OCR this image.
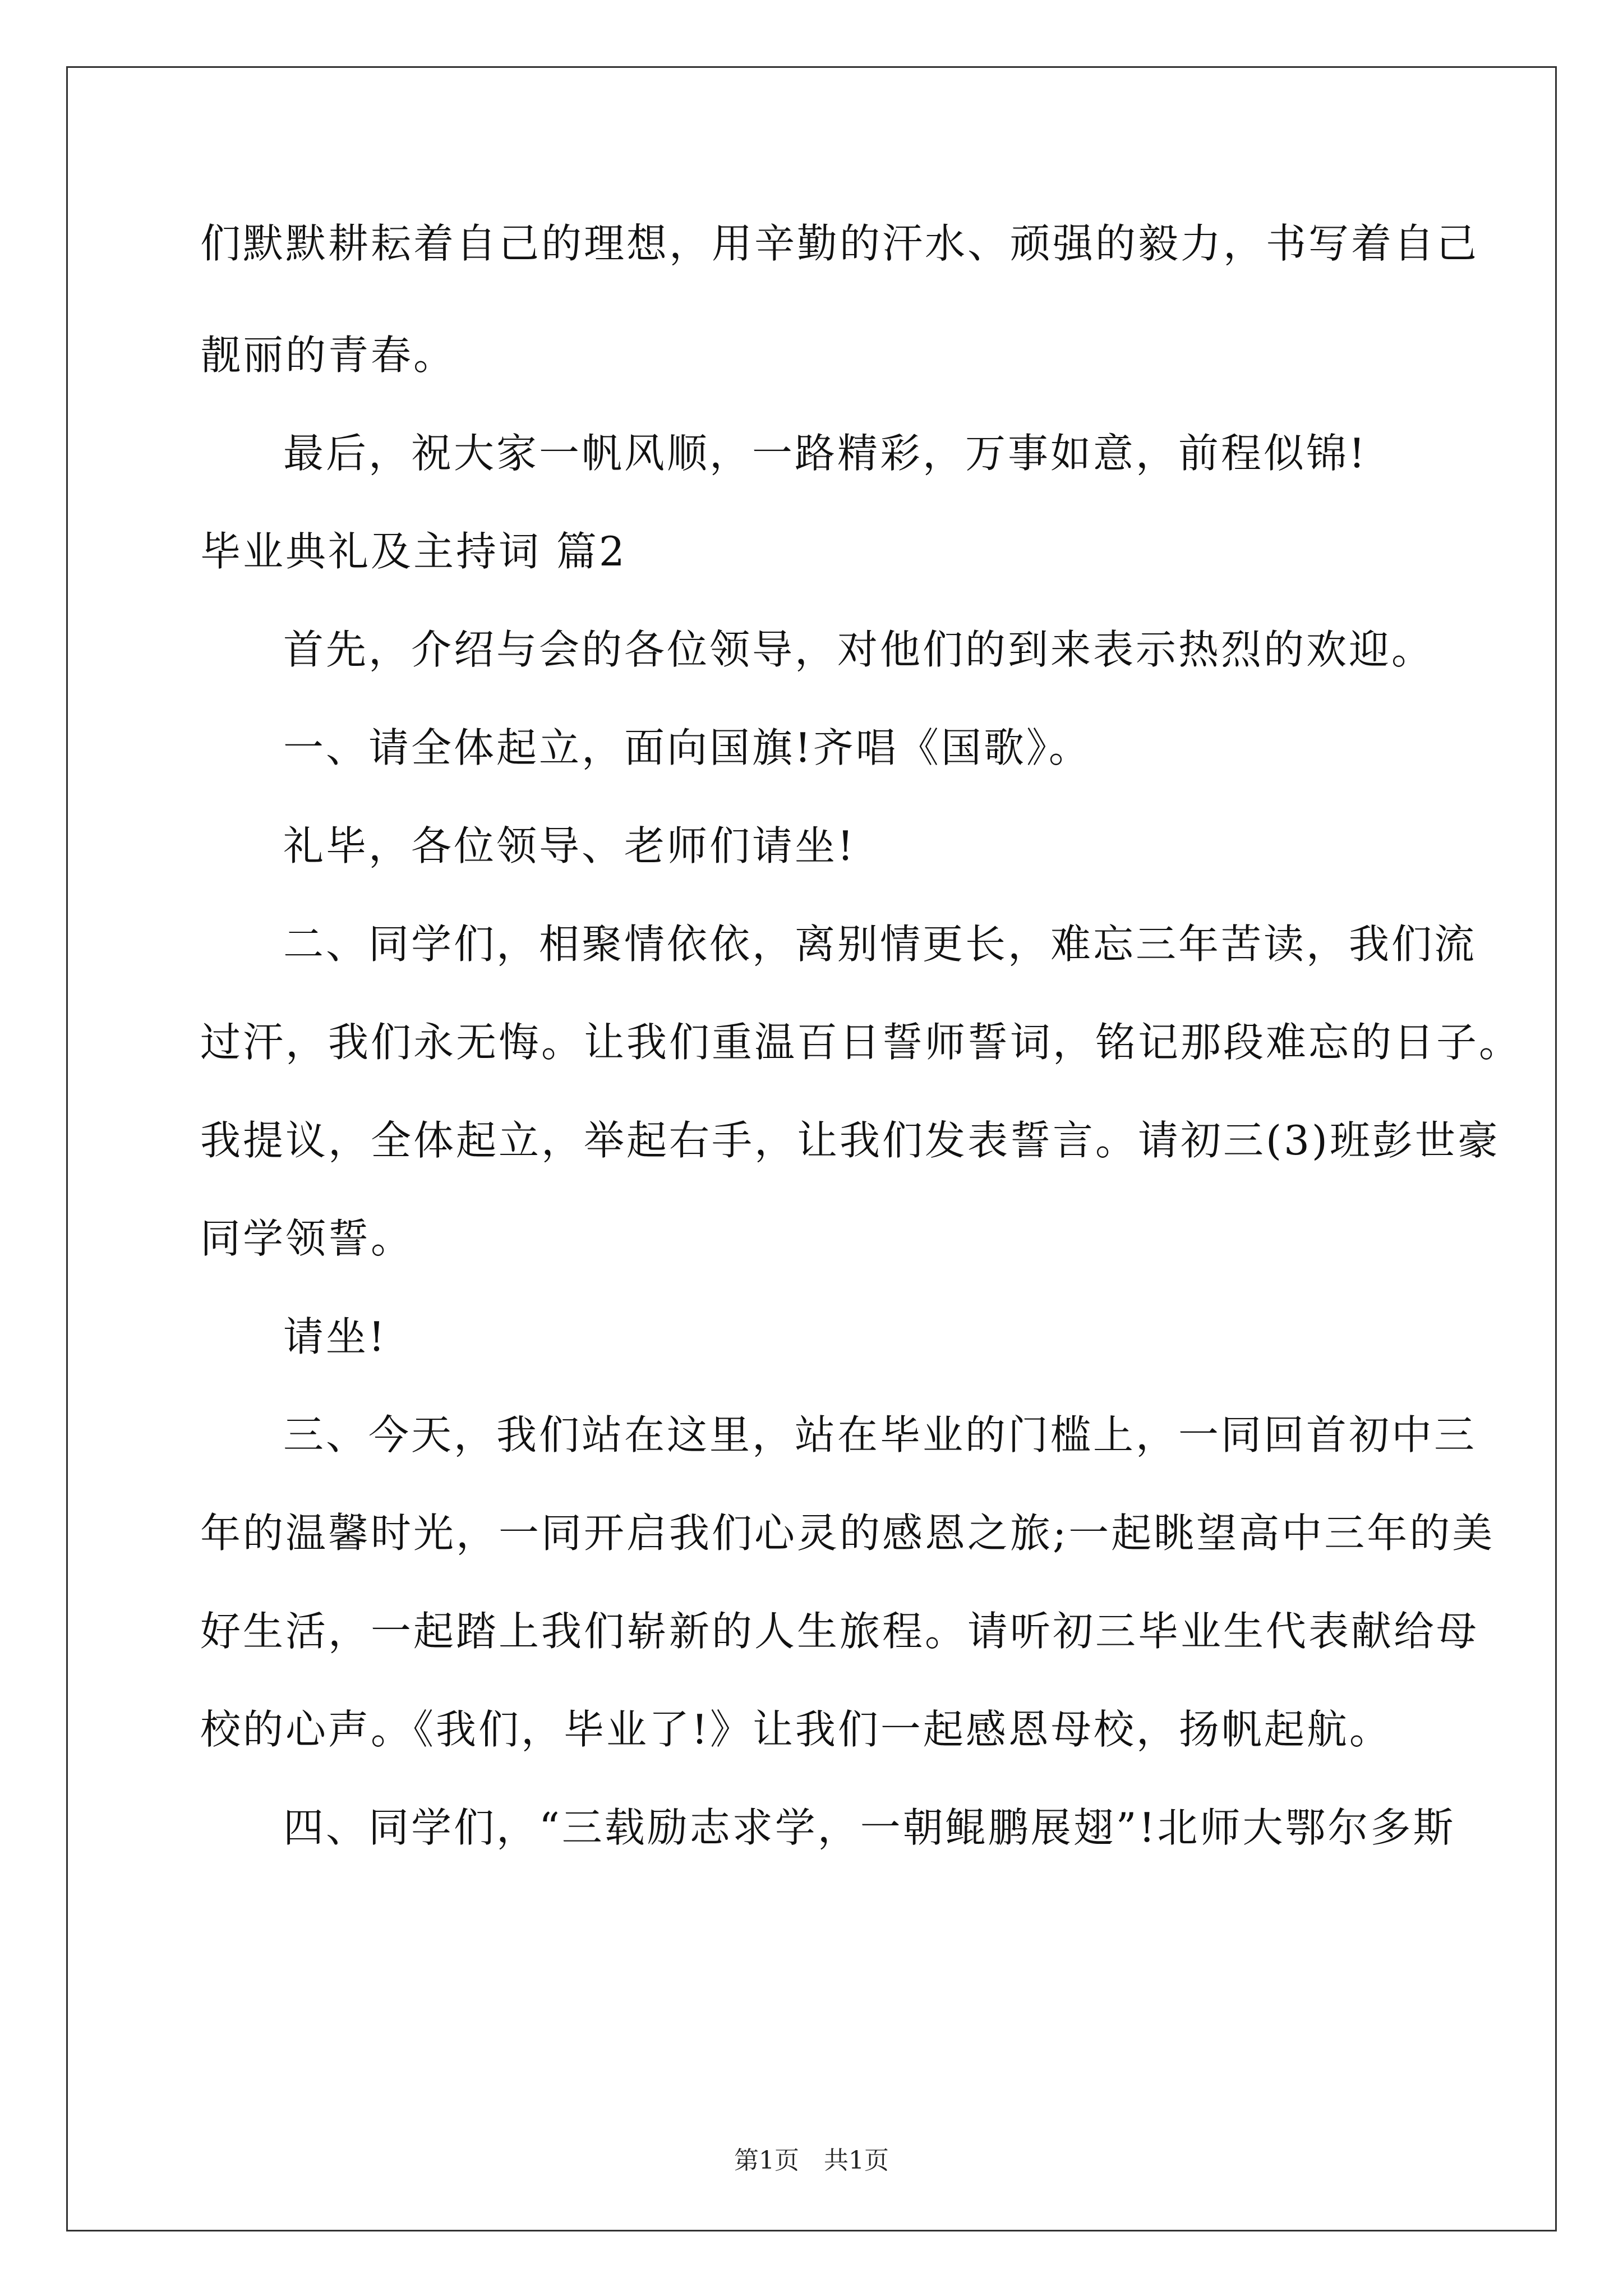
们默默耕耘着自己的理想，用辛勤的汗水、顽强的毅力，书写着自己
靓丽的青春。
最后，祝大家一帆风顺，一路精彩，万事如意，前程似锦!
毕业典礼及主持词 篇2
首先，介绍与会的各位领导，对他们的到来表示热烈的欢迎。
一、请全体起立，面向国旗!齐唱《国歌》。
礼毕，各位领导、老师们请坐!
二、同学们，相聚情依依，离别情更长，难忘三年苦读，我们流
过汗，我们永无悔。让我们重温百日誓师誓词，铭记那段难忘的日子。
我提议，全体起立，举起右手，让我们发表誓言。请初三(3)班彭世豪
同学领誓。
请坐!
三、今天，我们站在这里，站在毕业的门槛上，一同回首初中三
年的温馨时光，一同开启我们心灵的感恩之旅;一起眺望高中三年的美
好生活，一起踏上我们崭新的人生旅程。请听初三毕业生代表献给母
校的心声。《我们，毕业了!》让我们一起感恩母校，扬帆起航。
四、同学们，“三载励志求学，一朝鲲鹏展翅”!北师大鄂尔多斯
第1页　共1页
